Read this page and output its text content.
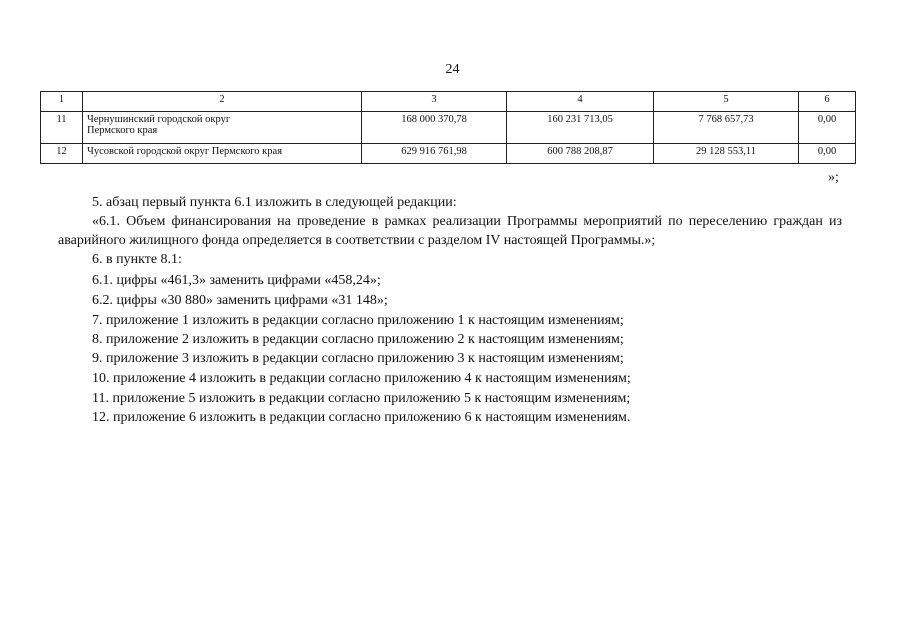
24
1	2	3	4	5	6
11	Чернушинский городской округ Пермского края	168 000 370,78	160 231 713,05	7 768 657,73	0,00
12	Чусовской городской округ Пермского края	629 916 761,98	600 788 208,87	29 128 553,11	0,00
»;
5. абзац первый пункта 6.1 изложить в следующей редакции:
«6.1. Объем финансирования на проведение в рамках реализации Программы мероприятий по переселению граждан из аварийного жилищного фонда определяется в соответствии с разделом IV настоящей Программы.»;
6. в пункте 8.1:
6.1. цифры «461,3» заменить цифрами «458,24»;
6.2. цифры «30 880» заменить цифрами «31 148»;
7. приложение 1 изложить в редакции согласно приложению 1 к настоящим изменениям;
8. приложение 2 изложить в редакции согласно приложению 2 к настоящим изменениям;
9. приложение 3 изложить в редакции согласно приложению 3 к настоящим изменениям;
10. приложение 4 изложить в редакции согласно приложению 4 к настоящим изменениям;
11. приложение 5 изложить в редакции согласно приложению 5 к настоящим изменениям;
12. приложение 6 изложить в редакции согласно приложению 6 к настоящим изменениям.
